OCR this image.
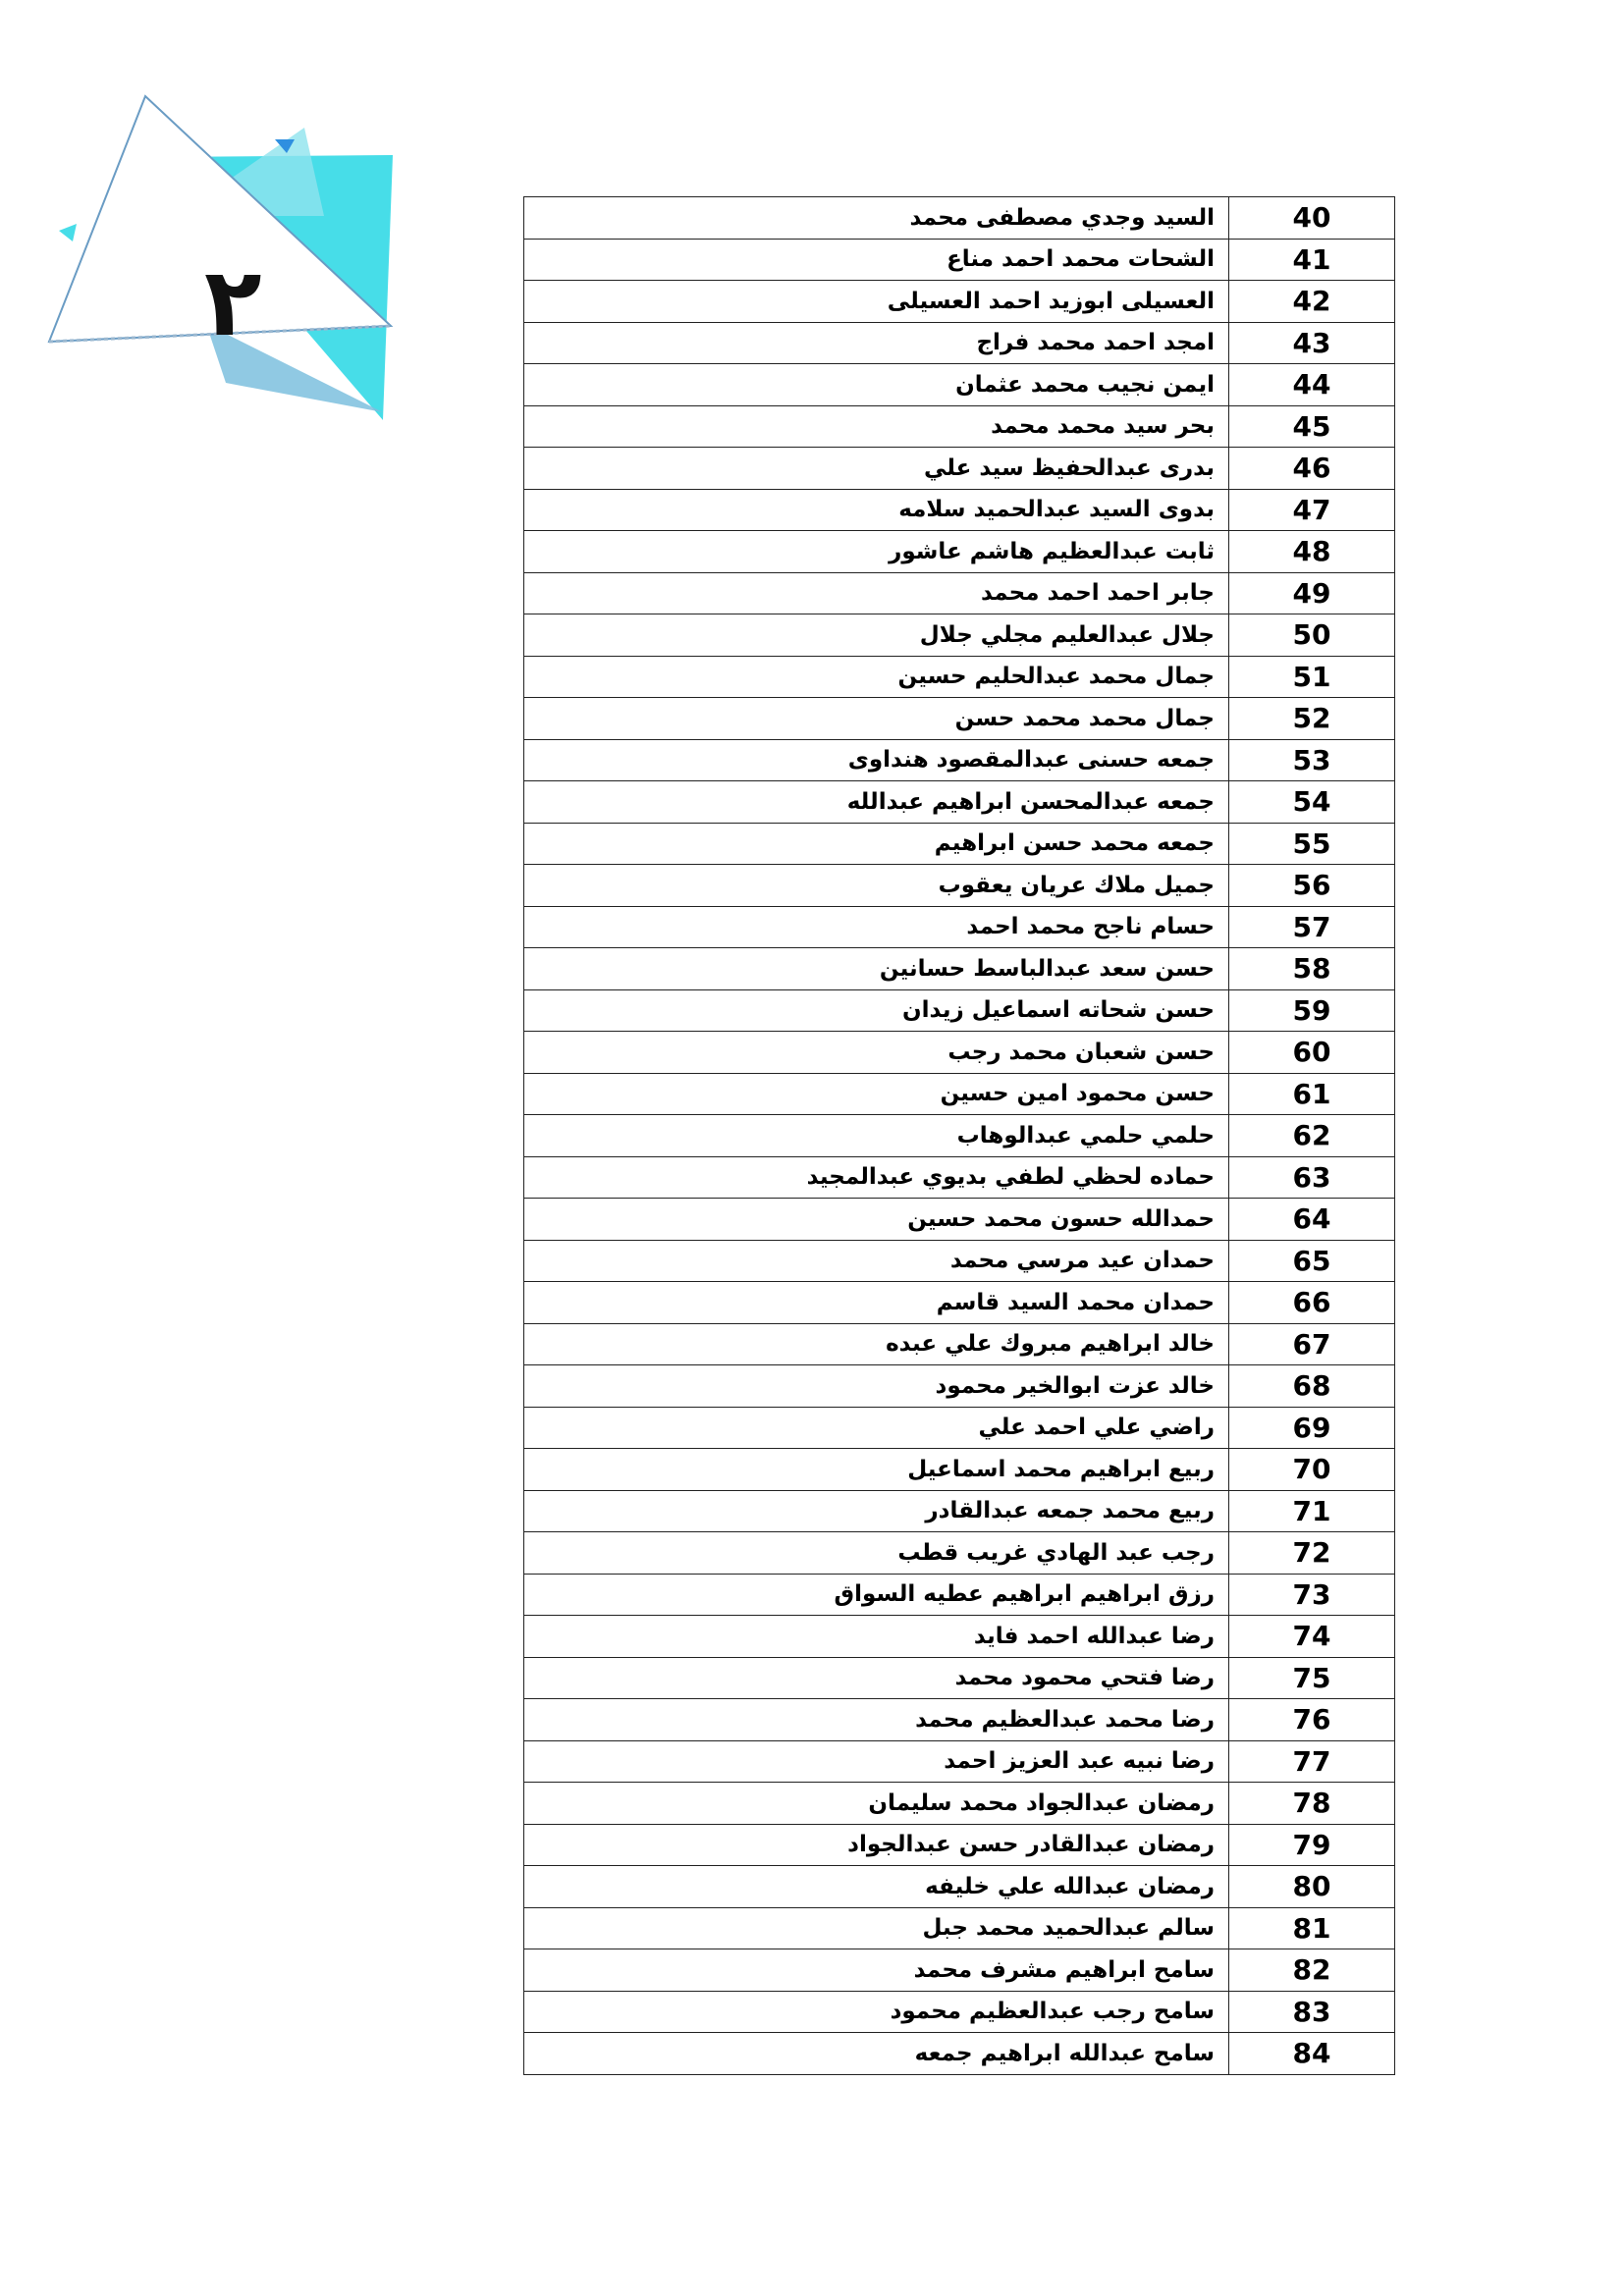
٢
40	السيد وجدي مصطفى محمد
41	الشحات محمد احمد مناع
42	العسيلى ابوزيد احمد العسيلى
43	امجد احمد محمد فراج
44	ايمن نجيب محمد عثمان
45	بحر سيد محمد محمد
46	بدرى عبدالحفيظ سيد علي
47	بدوى السيد عبدالحميد سلامه
48	ثابت عبدالعظيم هاشم عاشور
49	جابر احمد احمد محمد
50	جلال عبدالعليم مجلي جلال
51	جمال محمد عبدالحليم حسين
52	جمال محمد محمد حسن
53	جمعه حسنى عبدالمقصود هنداوى
54	جمعه عبدالمحسن ابراهيم عبدالله
55	جمعه محمد حسن ابراهيم
56	جميل ملاك عريان يعقوب
57	حسام ناجح محمد احمد
58	حسن سعد عبدالباسط حسانين
59	حسن شحاته اسماعيل زيدان
60	حسن شعبان محمد رجب
61	حسن محمود امين حسين
62	حلمي حلمي عبدالوهاب
63	حماده لحظي لطفي بديوي عبدالمجيد
64	حمدالله حسون محمد حسين
65	حمدان عيد مرسي محمد
66	حمدان محمد السيد قاسم
67	خالد ابراهيم مبروك علي عبده
68	خالد عزت ابوالخير محمود
69	راضي علي احمد علي
70	ربيع ابراهيم محمد اسماعيل
71	ربيع محمد جمعه عبدالقادر
72	رجب عبد الهادي غريب قطب
73	رزق ابراهيم ابراهيم عطيه السواق
74	رضا عبدالله احمد فايد
75	رضا فتحي محمود محمد
76	رضا محمد عبدالعظيم محمد
77	رضا نبيه عبد العزيز احمد
78	رمضان عبدالجواد محمد سليمان
79	رمضان عبدالقادر حسن عبدالجواد
80	رمضان عبدالله علي خليفه
81	سالم عبدالحميد محمد جبل
82	سامح ابراهيم مشرف محمد
83	سامح رجب عبدالعظيم محمود
84	سامح عبدالله ابراهيم جمعه
